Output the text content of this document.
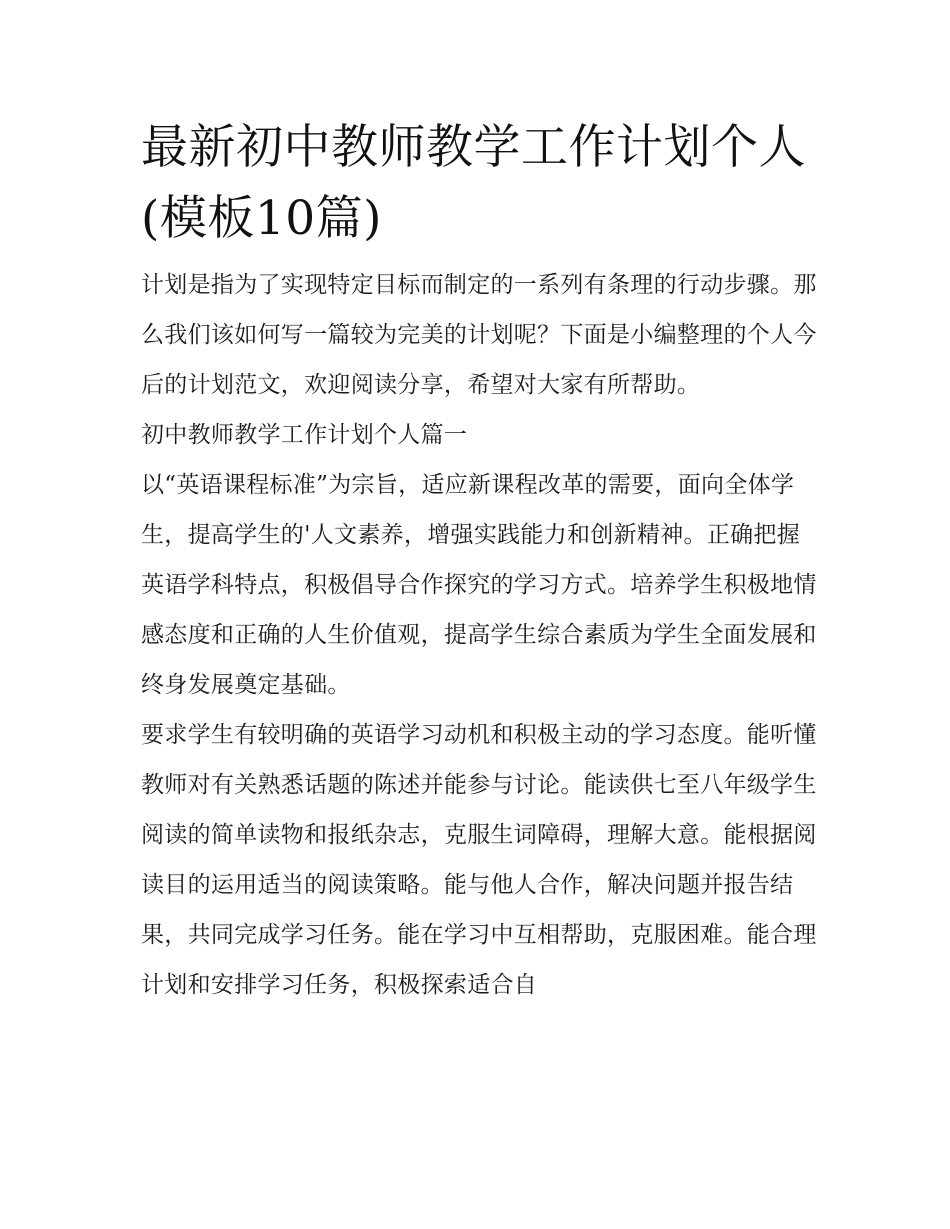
最新初中教师教学工作计划个人(模板10篇)

计划是指为了实现特定目标而制定的一系列有条理的行动步骤。那么我们该如何写一篇较为完美的计划呢？下面是小编整理的个人今后的计划范文，欢迎阅读分享，希望对大家有所帮助。

初中教师教学工作计划个人篇一

以“英语课程标准”为宗旨，适应新课程改革的需要，面向全体学生，提高学生的'人文素养，增强实践能力和创新精神。正确把握英语学科特点，积极倡导合作探究的学习方式。培养学生积极地情感态度和正确的人生价值观，提高学生综合素质为学生全面发展和终身发展奠定基础。

要求学生有较明确的英语学习动机和积极主动的学习态度。能听懂教师对有关熟悉话题的陈述并能参与讨论。能读供七至八年级学生阅读的简单读物和报纸杂志，克服生词障碍，理解大意。能根据阅读目的运用适当的阅读策略。能与他人合作，解决问题并报告结果，共同完成学习任务。能在学习中互相帮助，克服困难。能合理计划和安排学习任务，积极探索适合自
